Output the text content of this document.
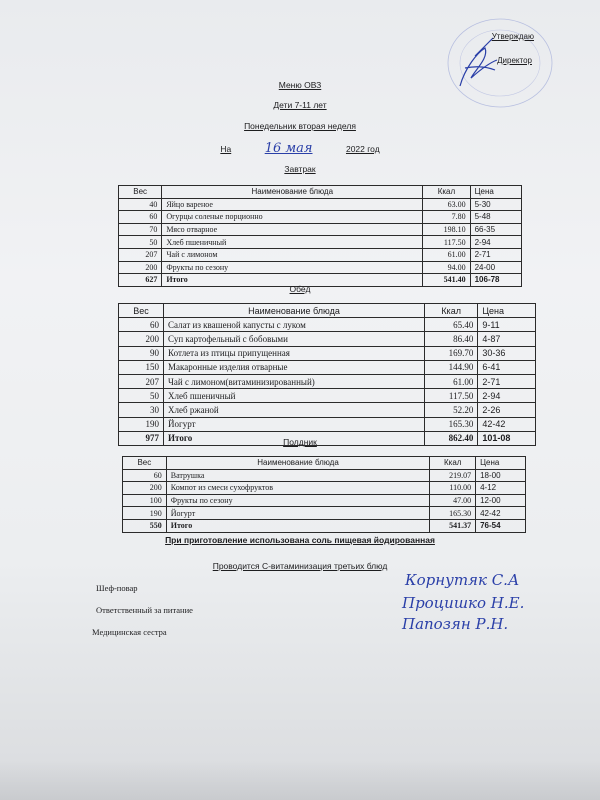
Утверждаю
Директор
Меню ОВЗ
Дети 7-11 лет
Понедельник вторая неделя
На	16 мая	2022 год
Завтрак
Вес	Наименование блюда	Ккал	Цена
40	Яйцо вареное	63.00	5-30
60	Огурцы соленые порционно	7.80	5-48
70	Мясо отварное	198.10	66-35
50	Хлеб пшеничный	117.50	2-94
207	Чай с лимоном	61.00	2-71
200	Фрукты по сезону	94.00	24-00
627	Итого	541.40	106-78
Обед
Вес	Наименование блюда	Ккал	Цена
60	Салат из квашеной капусты с луком	65.40	9-11
200	Суп картофельный с бобовыми	86.40	4-87
90	Котлета из птицы припущенная	169.70	30-36
150	Макаронные изделия отварные	144.90	6-41
207	Чай с лимоном(витаминизированный)	61.00	2-71
50	Хлеб пшеничный	117.50	2-94
30	Хлеб ржаной	52.20	2-26
190	Йогурт	165.30	42-42
977	Итого	862.40	101-08
Полдник
Вес	Наименование блюда	Ккал	Цена
60	Ватрушка	219.07	18-00
200	Компот из смеси сухофруктов	110.00	4-12
100	Фрукты по сезону	47.00	12-00
190	Йогурт	165.30	42-42
550	Итого	541.37	76-54
При приготовление использована соль пищевая йодированная
Проводится С-витаминизация третьих блюд
Шеф-повар
Ответственный за питание
Медицинская сестра
Корнутяк С.А
Процишко Н.Е.
Папозян Р.Н.
